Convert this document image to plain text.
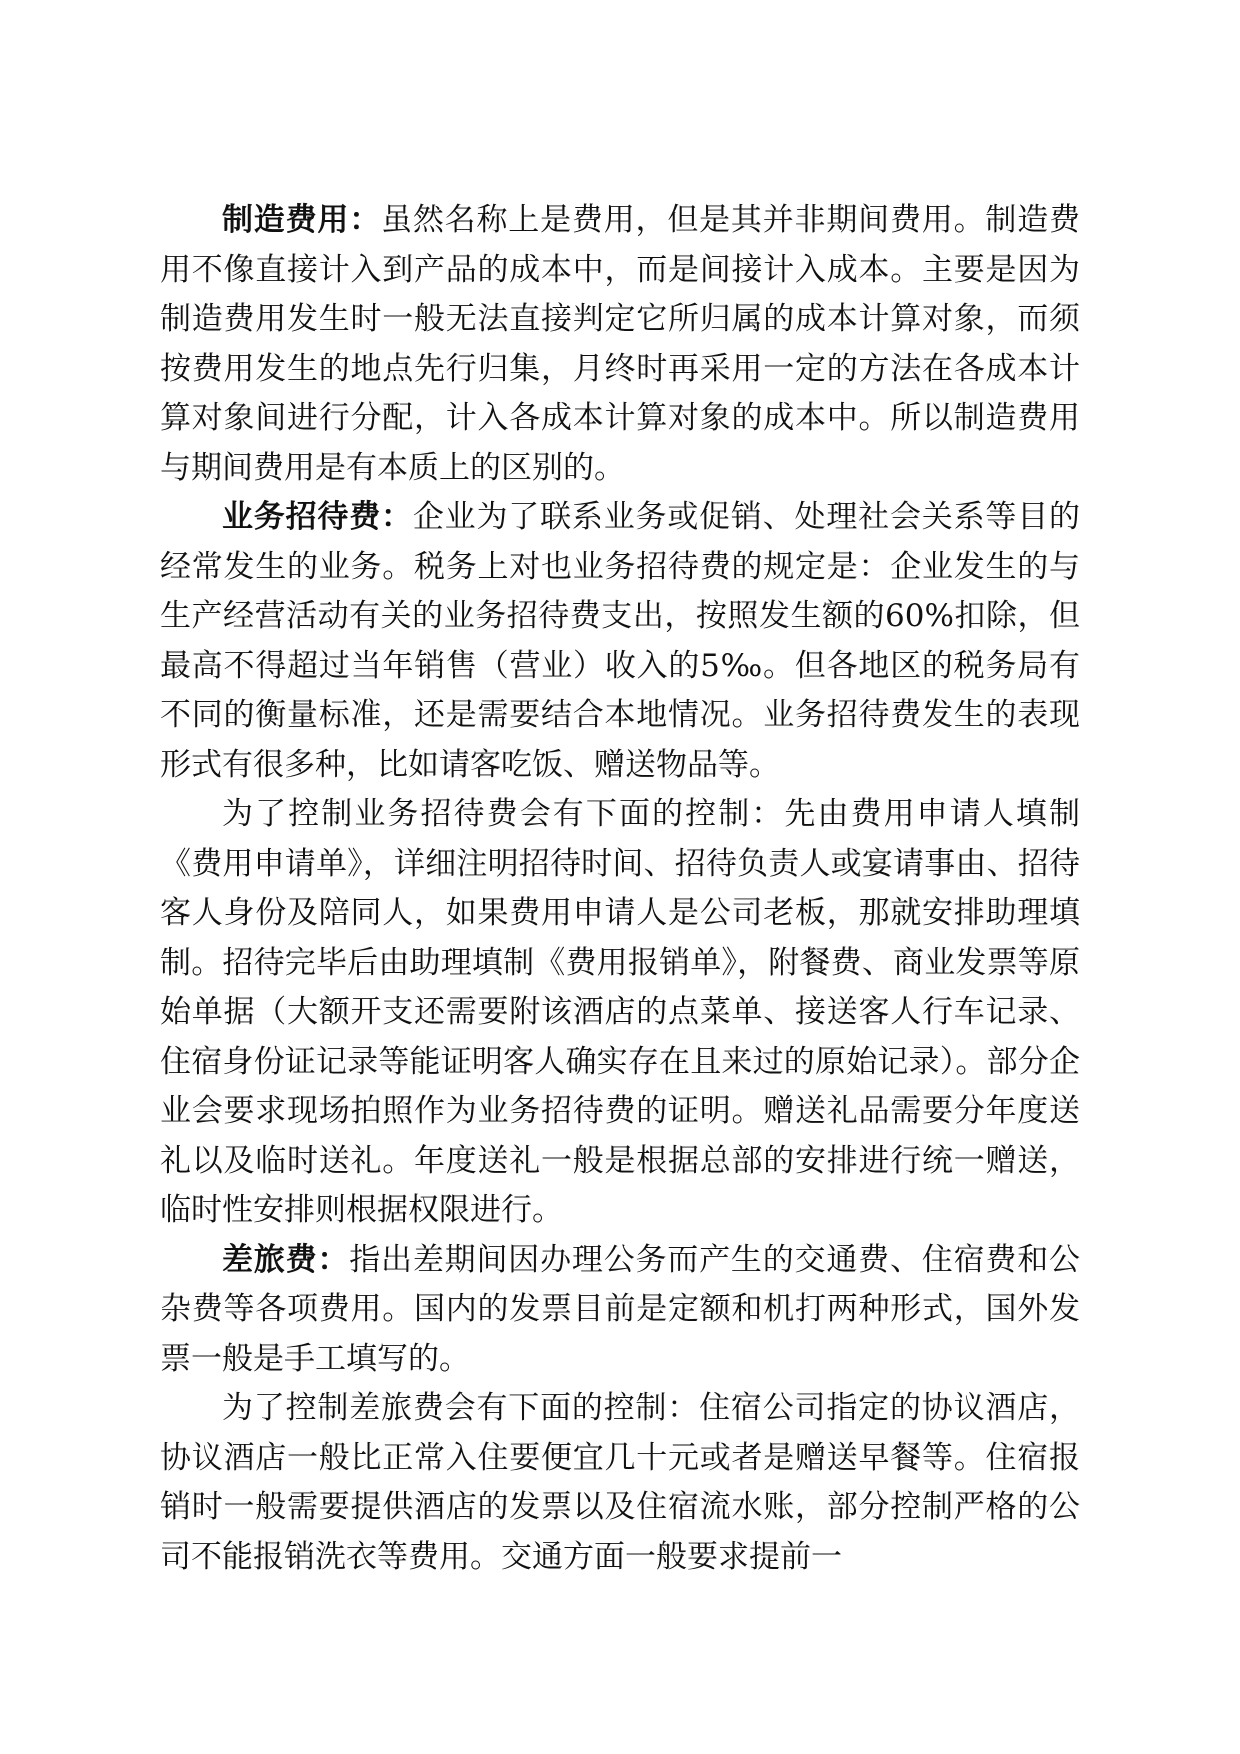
制造费用：虽然名称上是费用，但是其并非期间费用。制造费用不像直接计入到产品的成本中，而是间接计入成本。主要是因为制造费用发生时一般无法直接判定它所归属的成本计算对象，而须按费用发生的地点先行归集，月终时再采用一定的方法在各成本计算对象间进行分配，计入各成本计算对象的成本中。所以制造费用与期间费用是有本质上的区别的。

业务招待费：企业为了联系业务或促销、处理社会关系等目的经常发生的业务。税务上对也业务招待费的规定是：企业发生的与生产经营活动有关的业务招待费支出，按照发生额的60%扣除，但最高不得超过当年销售（营业）收入的5‰。但各地区的税务局有不同的衡量标准，还是需要结合本地情况。业务招待费发生的表现形式有很多种，比如请客吃饭、赠送物品等。

为了控制业务招待费会有下面的控制：先由费用申请人填制《费用申请单》，详细注明招待时间、招待负责人或宴请事由、招待客人身份及陪同人，如果费用申请人是公司老板，那就安排助理填制。招待完毕后由助理填制《费用报销单》，附餐费、商业发票等原始单据（大额开支还需要附该酒店的点菜单、接送客人行车记录、住宿身份证记录等能证明客人确实存在且来过的原始记录）。部分企业会要求现场拍照作为业务招待费的证明。赠送礼品需要分年度送礼以及临时送礼。年度送礼一般是根据总部的安排进行统一赠送，临时性安排则根据权限进行。

差旅费：指出差期间因办理公务而产生的交通费、住宿费和公杂费等各项费用。国内的发票目前是定额和机打两种形式，国外发票一般是手工填写的。

为了控制差旅费会有下面的控制：住宿公司指定的协议酒店，协议酒店一般比正常入住要便宜几十元或者是赠送早餐等。住宿报销时一般需要提供酒店的发票以及住宿流水账，部分控制严格的公司不能报销洗衣等费用。交通方面一般要求提前一
